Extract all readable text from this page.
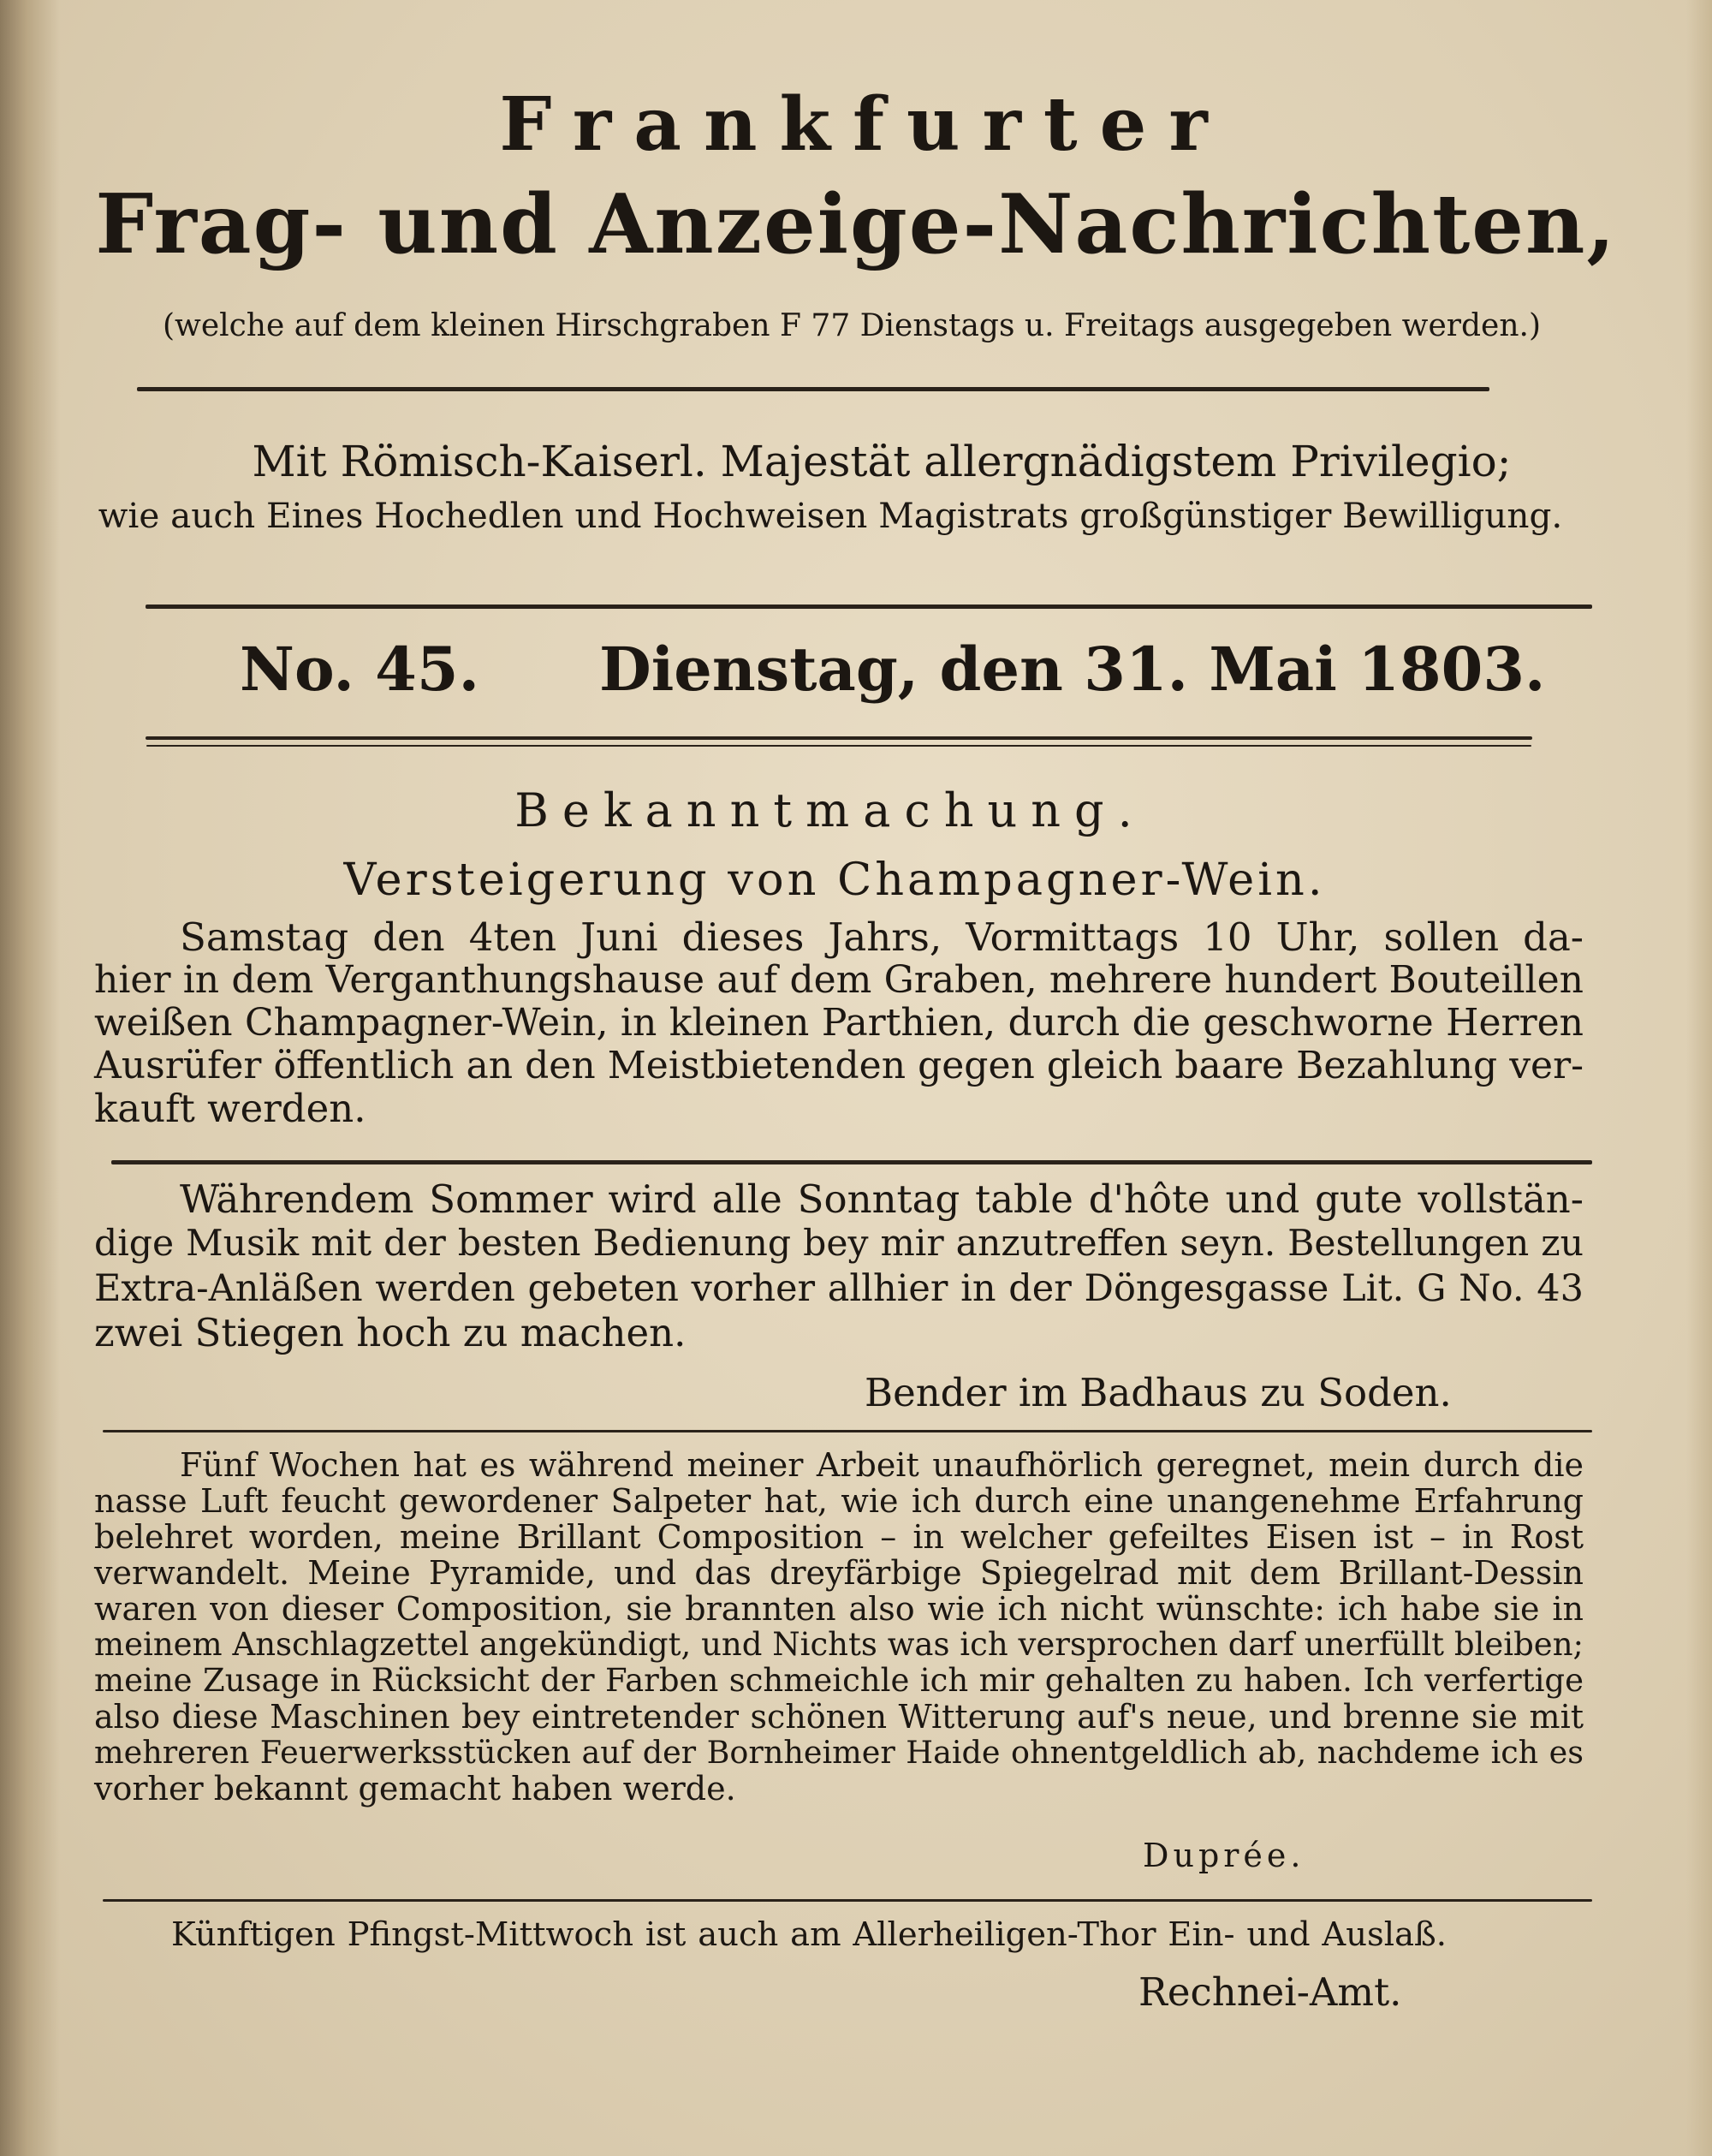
Frankfurter
Frag- und Anzeige-Nachrichten,
(welche auf dem kleinen Hirschgraben F 77 Dienstags u. Freitags ausgegeben werden.)
Mit Römisch-Kaiserl. Majestät allergnädigstem Privilegio;
wie auch Eines Hochedlen und Hochweisen Magistrats großgünstiger Bewilligung.
No. 45. Dienstag, den 31. Mai 1803.
Bekanntmachung.
Versteigerung von Champagner-Wein.
Samstag den 4ten Juni dieses Jahrs, Vormittags 10 Uhr, sollen da-
hier in dem Verganthungshause auf dem Graben, mehrere hundert Bouteillen
weißen Champagner-Wein, in kleinen Parthien, durch die geschworne Herren
Ausrüfer öffentlich an den Meistbietenden gegen gleich baare Bezahlung ver-
kauft werden.
Währendem Sommer wird alle Sonntag table d'hôte und gute vollstän-
dige Musik mit der besten Bedienung bey mir anzutreffen seyn. Bestellungen zu
Extra-Anläßen werden gebeten vorher allhier in der Döngesgasse Lit. G No. 43
zwei Stiegen hoch zu machen.
Bender im Badhaus zu Soden.
Fünf Wochen hat es während meiner Arbeit unaufhörlich geregnet, mein durch die
nasse Luft feucht gewordener Salpeter hat, wie ich durch eine unangenehme Erfahrung
belehret worden, meine Brillant Composition – in welcher gefeiltes Eisen ist – in Rost
verwandelt. Meine Pyramide, und das dreyfärbige Spiegelrad mit dem Brillant-Dessin
waren von dieser Composition, sie brannten also wie ich nicht wünschte: ich habe sie in
meinem Anschlagzettel angekündigt, und Nichts was ich versprochen darf unerfüllt bleiben;
meine Zusage in Rücksicht der Farben schmeichle ich mir gehalten zu haben. Ich verfertige
also diese Maschinen bey eintretender schönen Witterung auf's neue, und brenne sie mit
mehreren Feuerwerksstücken auf der Bornheimer Haide ohnentgeldlich ab, nachdeme ich es
vorher bekannt gemacht haben werde.
Duprée.
Künftigen Pfingst-Mittwoch ist auch am Allerheiligen-Thor Ein- und Auslaß.
Rechnei-Amt.
